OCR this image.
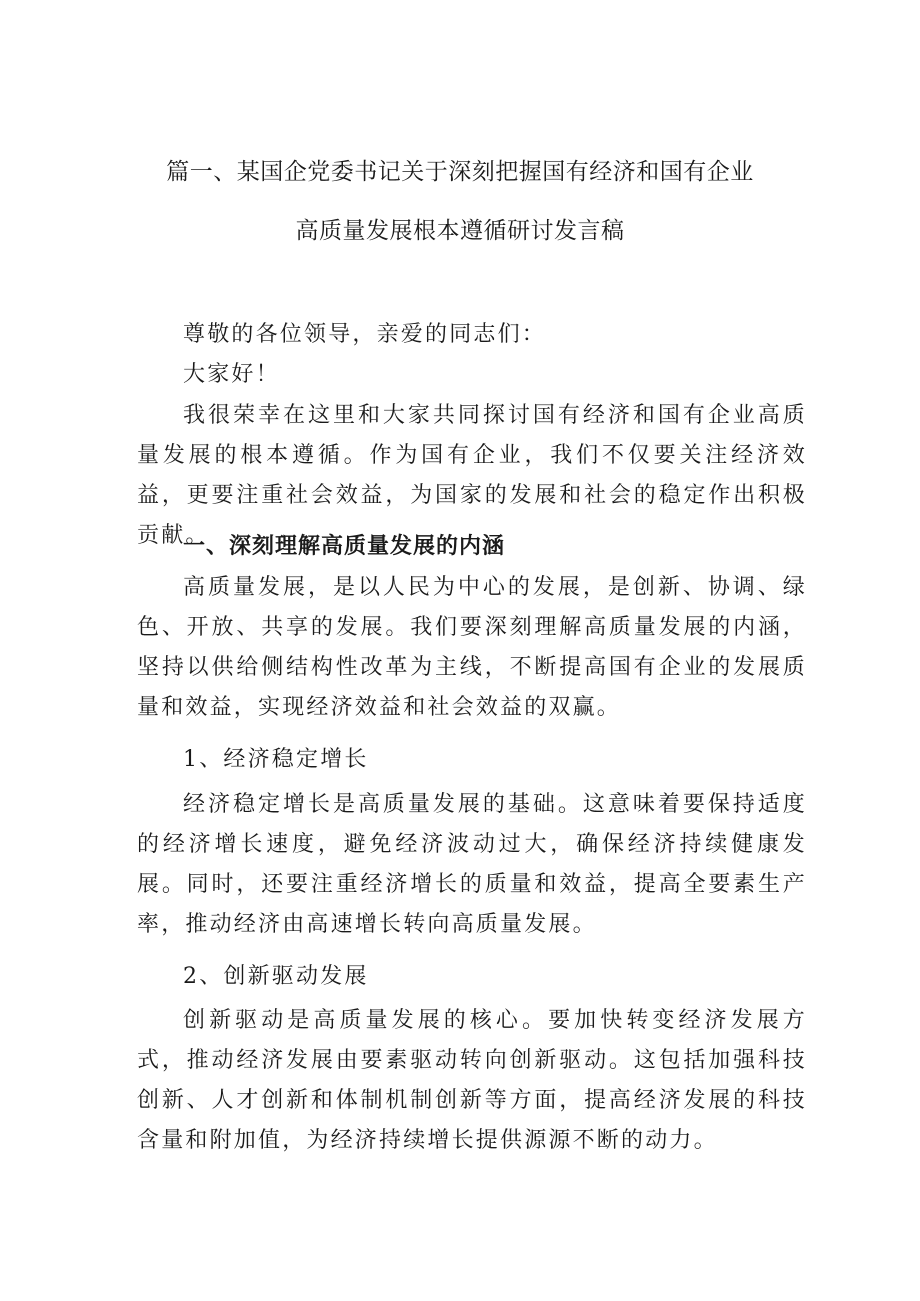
篇一、某国企党委书记关于深刻把握国有经济和国有企业
高质量发展根本遵循研讨发言稿

尊敬的各位领导，亲爱的同志们：

大家好！

我很荣幸在这里和大家共同探讨国有经济和国有企业高质量发展的根本遵循。作为国有企业，我们不仅要关注经济效益，更要注重社会效益，为国家的发展和社会的稳定作出积极贡献。

一、深刻理解高质量发展的内涵

高质量发展，是以人民为中心的发展，是创新、协调、绿色、开放、共享的发展。我们要深刻理解高质量发展的内涵，坚持以供给侧结构性改革为主线，不断提高国有企业的发展质量和效益，实现经济效益和社会效益的双赢。

1、经济稳定增长

经济稳定增长是高质量发展的基础。这意味着要保持适度的经济增长速度，避免经济波动过大，确保经济持续健康发展。同时，还要注重经济增长的质量和效益，提高全要素生产率，推动经济由高速增长转向高质量发展。

2、创新驱动发展

创新驱动是高质量发展的核心。要加快转变经济发展方式，推动经济发展由要素驱动转向创新驱动。这包括加强科技创新、人才创新和体制机制创新等方面，提高经济发展的科技含量和附加值，为经济持续增长提供源源不断的动力。
